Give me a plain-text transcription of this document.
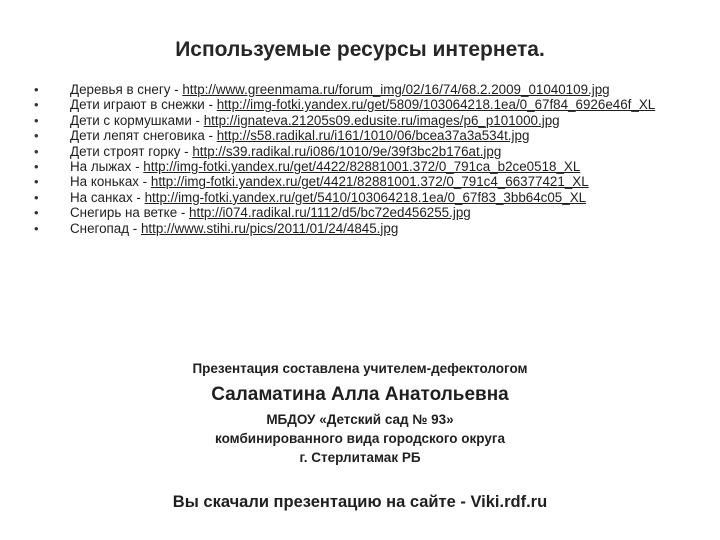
Используемые ресурсы интернета.
• Деревья в снегу - http://www.greenmama.ru/forum_img/02/16/74/68.2.2009_01040109.jpg
• Дети играют в снежки - http://img-fotki.yandex.ru/get/5809/103064218.1ea/0_67f84_6926e46f_XL
• Дети с кормушками - http://ignateva.21205s09.edusite.ru/images/p6_p101000.jpg
• Дети лепят снеговика - http://s58.radikal.ru/i161/1010/06/bcea37a3a534t.jpg
• Дети строят горку - http://s39.radikal.ru/i086/1010/9e/39f3bc2b176at.jpg
• На лыжах - http://img-fotki.yandex.ru/get/4422/82881001.372/0_791ca_b2ce0518_XL
• На коньках - http://img-fotki.yandex.ru/get/4421/82881001.372/0_791c4_66377421_XL
• На санках - http://img-fotki.yandex.ru/get/5410/103064218.1ea/0_67f83_3bb64c05_XL
• Снегирь на ветке - http://i074.radikal.ru/1112/d5/bc72ed456255.jpg
• Снегопад - http://www.stihi.ru/pics/2011/01/24/4845.jpg
Презентация составлена учителем-дефектологом
Саламатина Алла Анатольевна
МБДОУ «Детский сад № 93»
комбинированного вида городского округа
г. Стерлитамак РБ
Вы скачали презентацию на сайте - Viki.rdf.ru
